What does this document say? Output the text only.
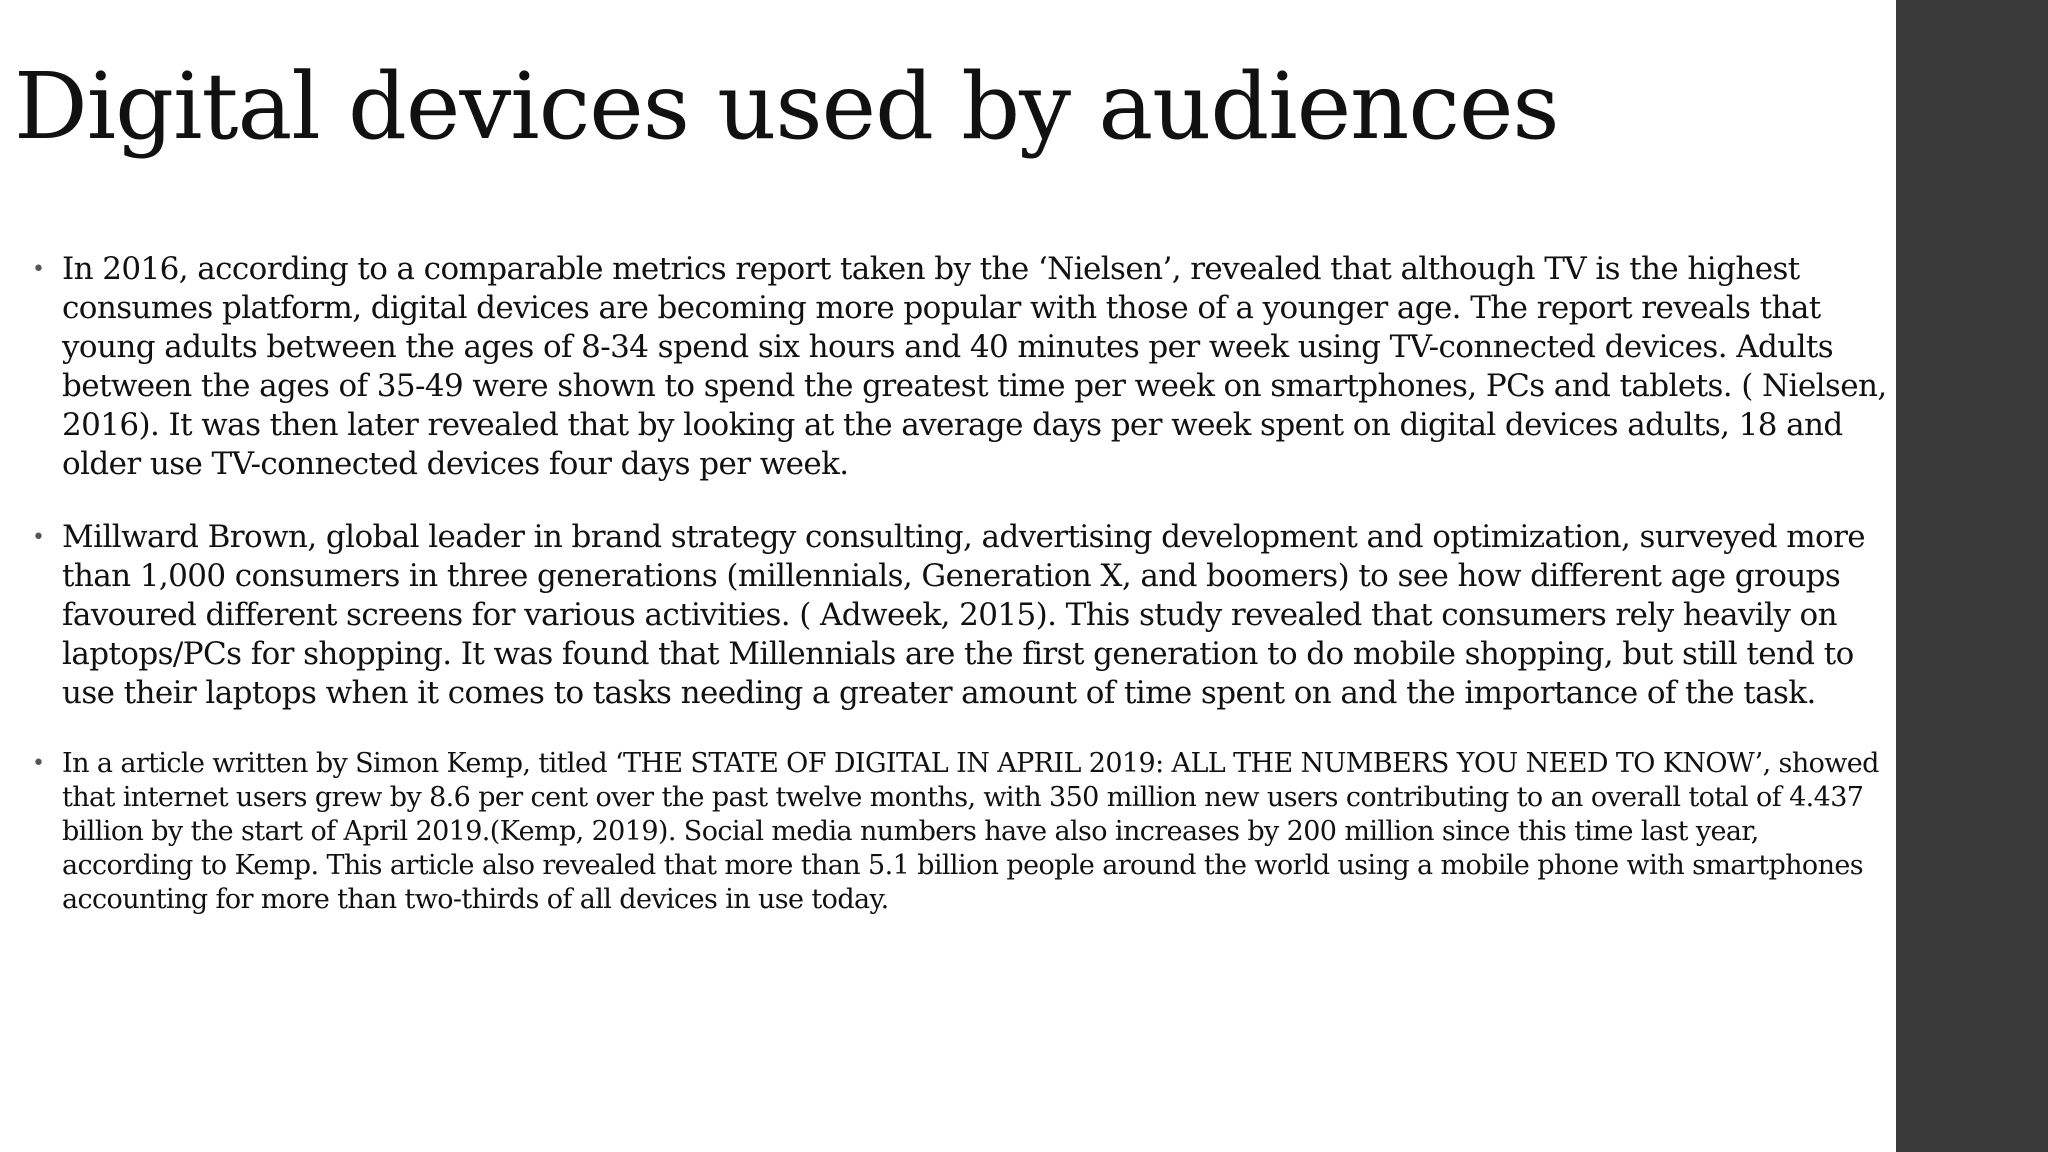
Digital devices used by audiences
• In 2016, according to a comparable metrics report taken by the ‘Nielsen’, revealed that although TV is the highest consumes platform, digital devices are becoming more popular with those of a younger age. The report reveals that young adults between the ages of 8-34 spend six hours and 40 minutes per week using TV-connected devices. Adults between the ages of 35-49 were shown to spend the greatest time per week on smartphones, PCs and tablets. ( Nielsen, 2016). It was then later revealed that by looking at the average days per week spent on digital devices adults, 18 and older use TV-connected devices four days per week.
• Millward Brown, global leader in brand strategy consulting, advertising development and optimization, surveyed more than 1,000 consumers in three generations (millennials, Generation X, and boomers) to see how different age groups favoured different screens for various activities. ( Adweek, 2015). This study revealed that consumers rely heavily on laptops/PCs for shopping. It was found that Millennials are the first generation to do mobile shopping, but still tend to use their laptops when it comes to tasks needing a greater amount of time spent on and the importance of the task.
• In a article written by Simon Kemp, titled ‘THE STATE OF DIGITAL IN APRIL 2019: ALL THE NUMBERS YOU NEED TO KNOW’, showed that internet users grew by 8.6 per cent over the past twelve months, with 350 million new users contributing to an overall total of 4.437 billion by the start of April 2019.(Kemp, 2019). Social media numbers have also increases by 200 million since this time last year, according to Kemp. This article also revealed that more than 5.1 billion people around the world using a mobile phone with smartphones accounting for more than two-thirds of all devices in use today.
